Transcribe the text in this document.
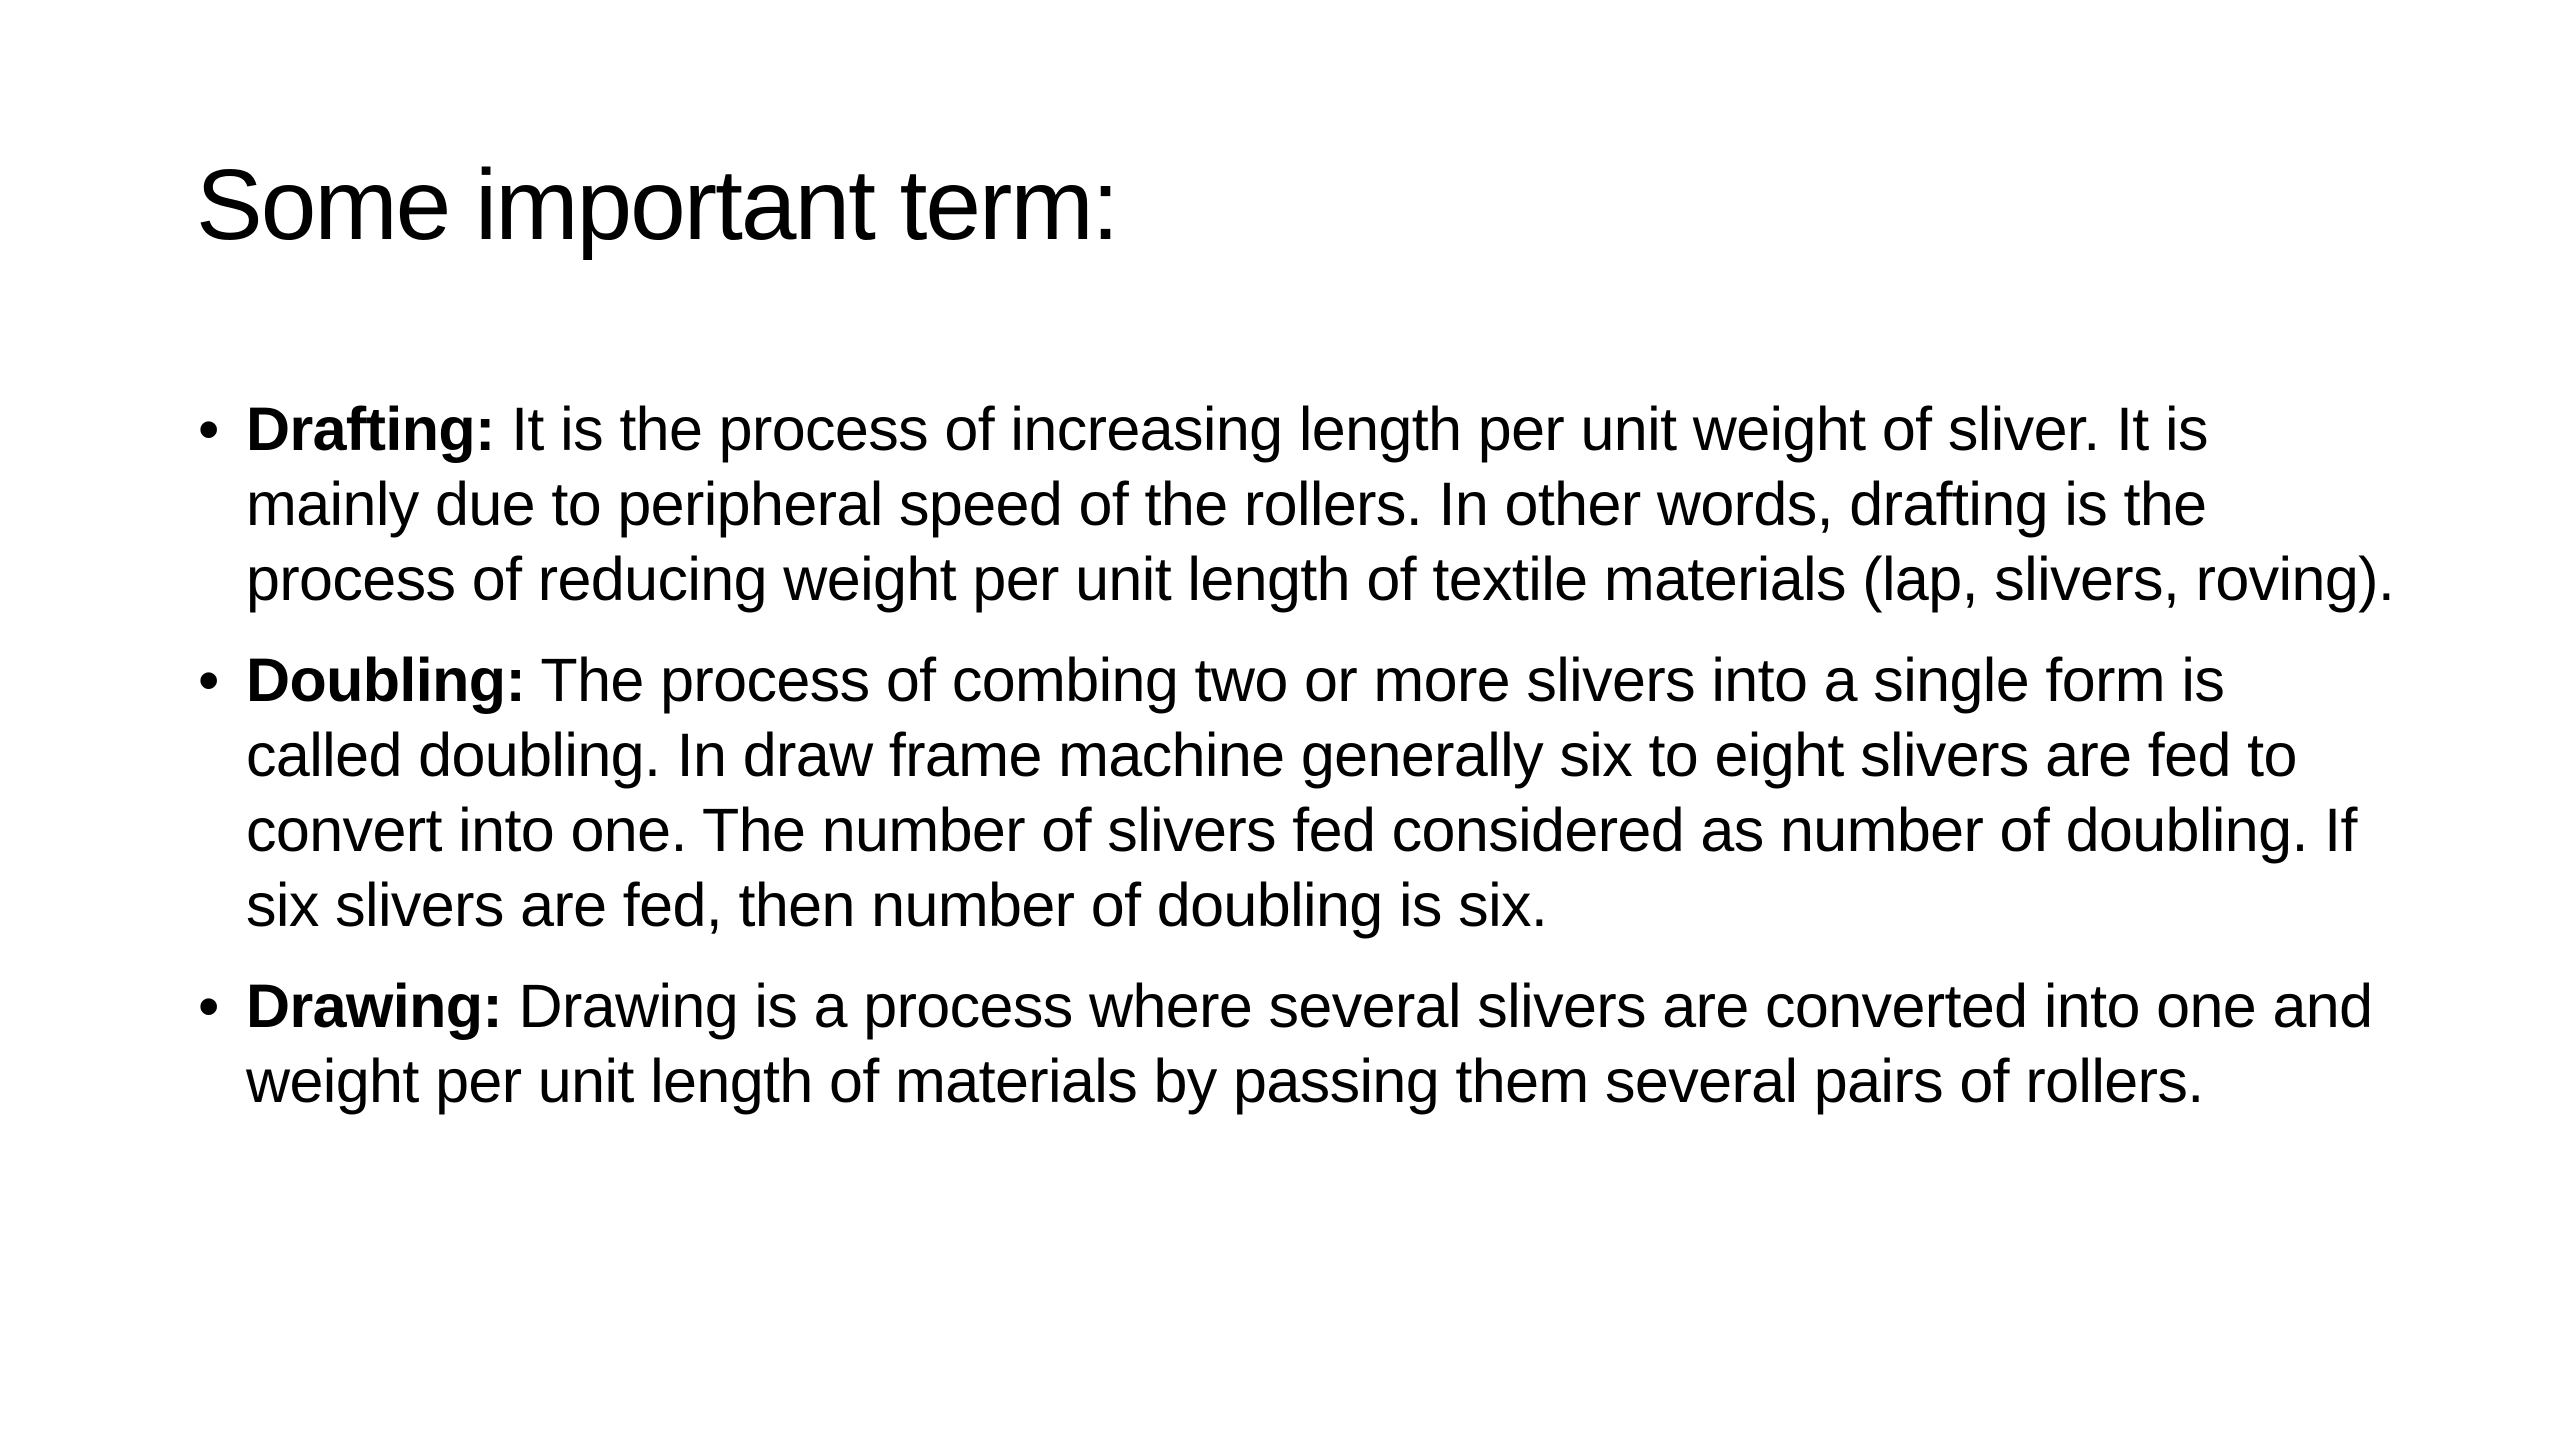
Some important term:
• Drafting: It is the process of increasing length per unit weight of sliver. It is mainly due to peripheral speed of the rollers. In other words, drafting is the process of reducing weight per unit length of textile materials (lap, slivers, roving).
• Doubling: The process of combing two or more slivers into a single form is called doubling. In draw frame machine generally six to eight slivers are fed to convert into one. The number of slivers fed considered as number of doubling. If six slivers are fed, then number of doubling is six.
• Drawing: Drawing is a process where several slivers are converted into one and weight per unit length of materials by passing them several pairs of rollers.
